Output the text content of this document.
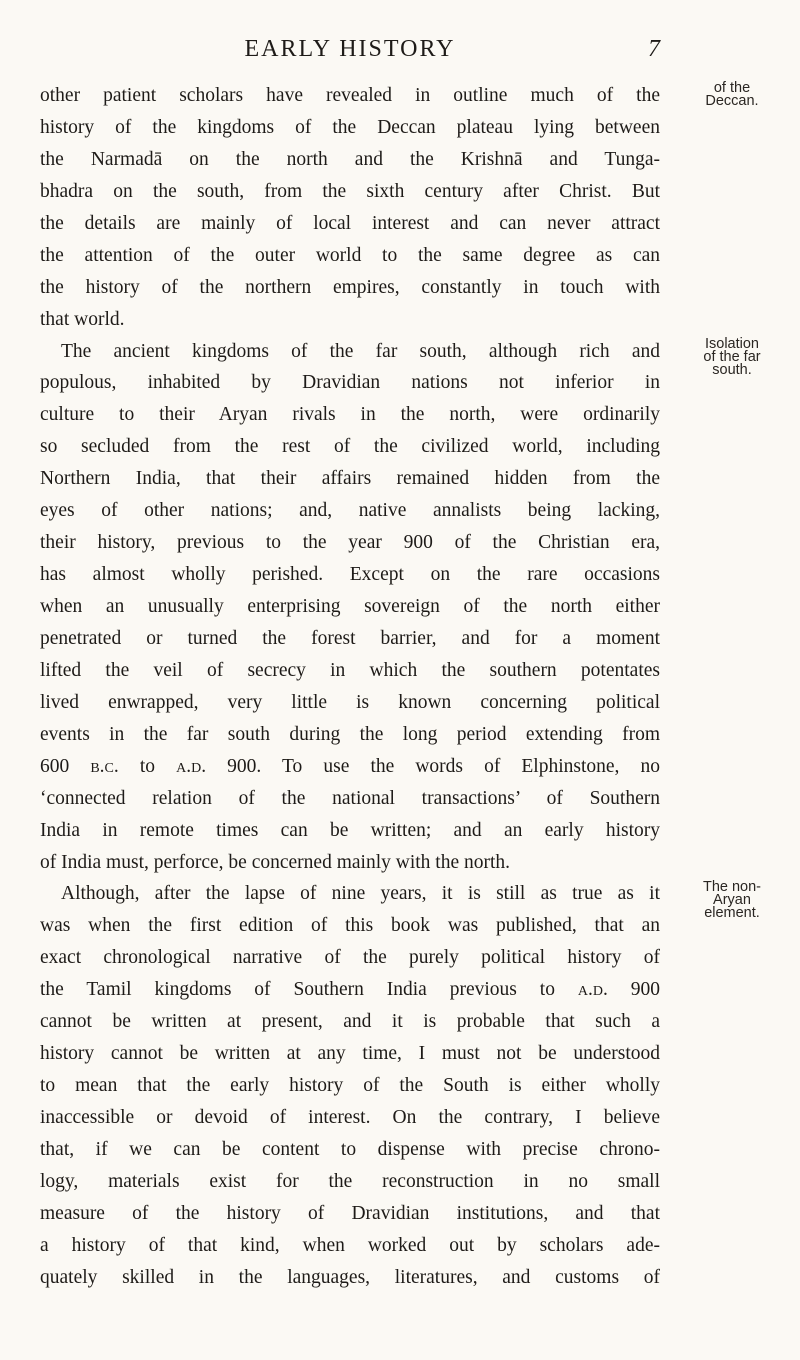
EARLY HISTORY	7
other patient scholars have revealed in outline much of the
history of the kingdoms of the Deccan plateau lying between
the Narmadā on the north and the Krishnā and Tunga-
bhadra on the south, from the sixth century after Christ. But
the details are mainly of local interest and can never attract
the attention of the outer world to the same degree as can
the history of the northern empires, constantly in touch with
that world.
The ancient kingdoms of the far south, although rich and
populous, inhabited by Dravidian nations not inferior in
culture to their Aryan rivals in the north, were ordinarily
so secluded from the rest of the civilized world, including
Northern India, that their affairs remained hidden from the
eyes of other nations; and, native annalists being lacking,
their history, previous to the year 900 of the Christian era,
has almost wholly perished. Except on the rare occasions
when an unusually enterprising sovereign of the north either
penetrated or turned the forest barrier, and for a moment
lifted the veil of secrecy in which the southern potentates
lived enwrapped, very little is known concerning political
events in the far south during the long period extending from
600 b.c. to a.d. 900. To use the words of Elphinstone, no
‘connected relation of the national transactions’ of Southern
India in remote times can be written; and an early history
of India must, perforce, be concerned mainly with the north.
Although, after the lapse of nine years, it is still as true as it
was when the first edition of this book was published, that an
exact chronological narrative of the purely political history of
the Tamil kingdoms of Southern India previous to a.d. 900
cannot be written at present, and it is probable that such a
history cannot be written at any time, I must not be understood
to mean that the early history of the South is either wholly
inaccessible or devoid of interest. On the contrary, I believe
that, if we can be content to dispense with precise chrono-
logy, materials exist for the reconstruction in no small
measure of the history of Dravidian institutions, and that
a history of that kind, when worked out by scholars ade-
quately skilled in the languages, literatures, and customs of
of the
Deccan.
Isolation
of the far
south.
The non-
Aryan
element.
